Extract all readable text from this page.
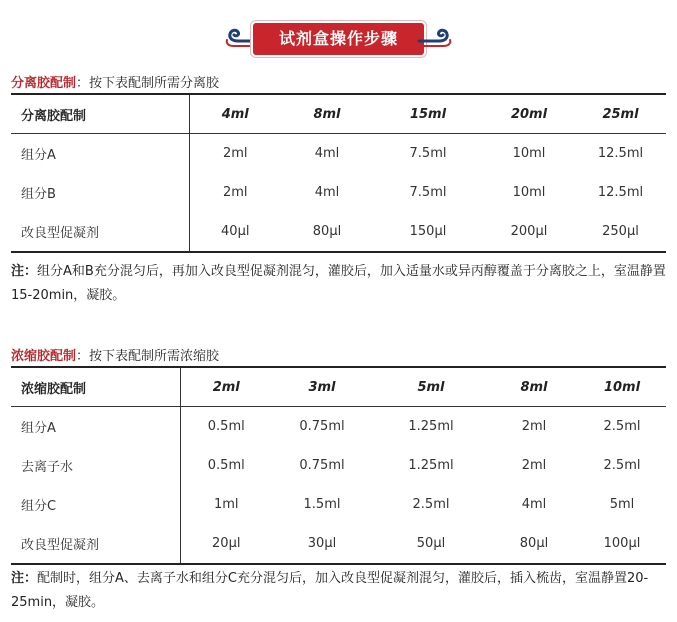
试剂盒操作步骤
分离胶配制：按下表配制所需分离胶
分离胶配制	4ml	8ml	15ml	20ml	25ml
组分A	2ml	4ml	7.5ml	10ml	12.5ml
组分B	2ml	4ml	7.5ml	10ml	12.5ml
改良型促凝剂	40μl	80μl	150μl	200μl	250μl
注：组分A和B充分混匀后，再加入改良型促凝剂混匀，灌胶后，加入适量水或异丙醇覆盖于分离胶之上，室温静置15-20min，凝胶。
浓缩胶配制：按下表配制所需浓缩胶
浓缩胶配制	2ml	3ml	5ml	8ml	10ml
组分A	0.5ml	0.75ml	1.25ml	2ml	2.5ml
去离子水	0.5ml	0.75ml	1.25ml	2ml	2.5ml
组分C	1ml	1.5ml	2.5ml	4ml	5ml
改良型促凝剂	20μl	30μl	50μl	80μl	100μl
注：配制时，组分A、去离子水和组分C充分混匀后，加入改良型促凝剂混匀，灌胶后，插入梳齿，室温静置20-25min，凝胶。
